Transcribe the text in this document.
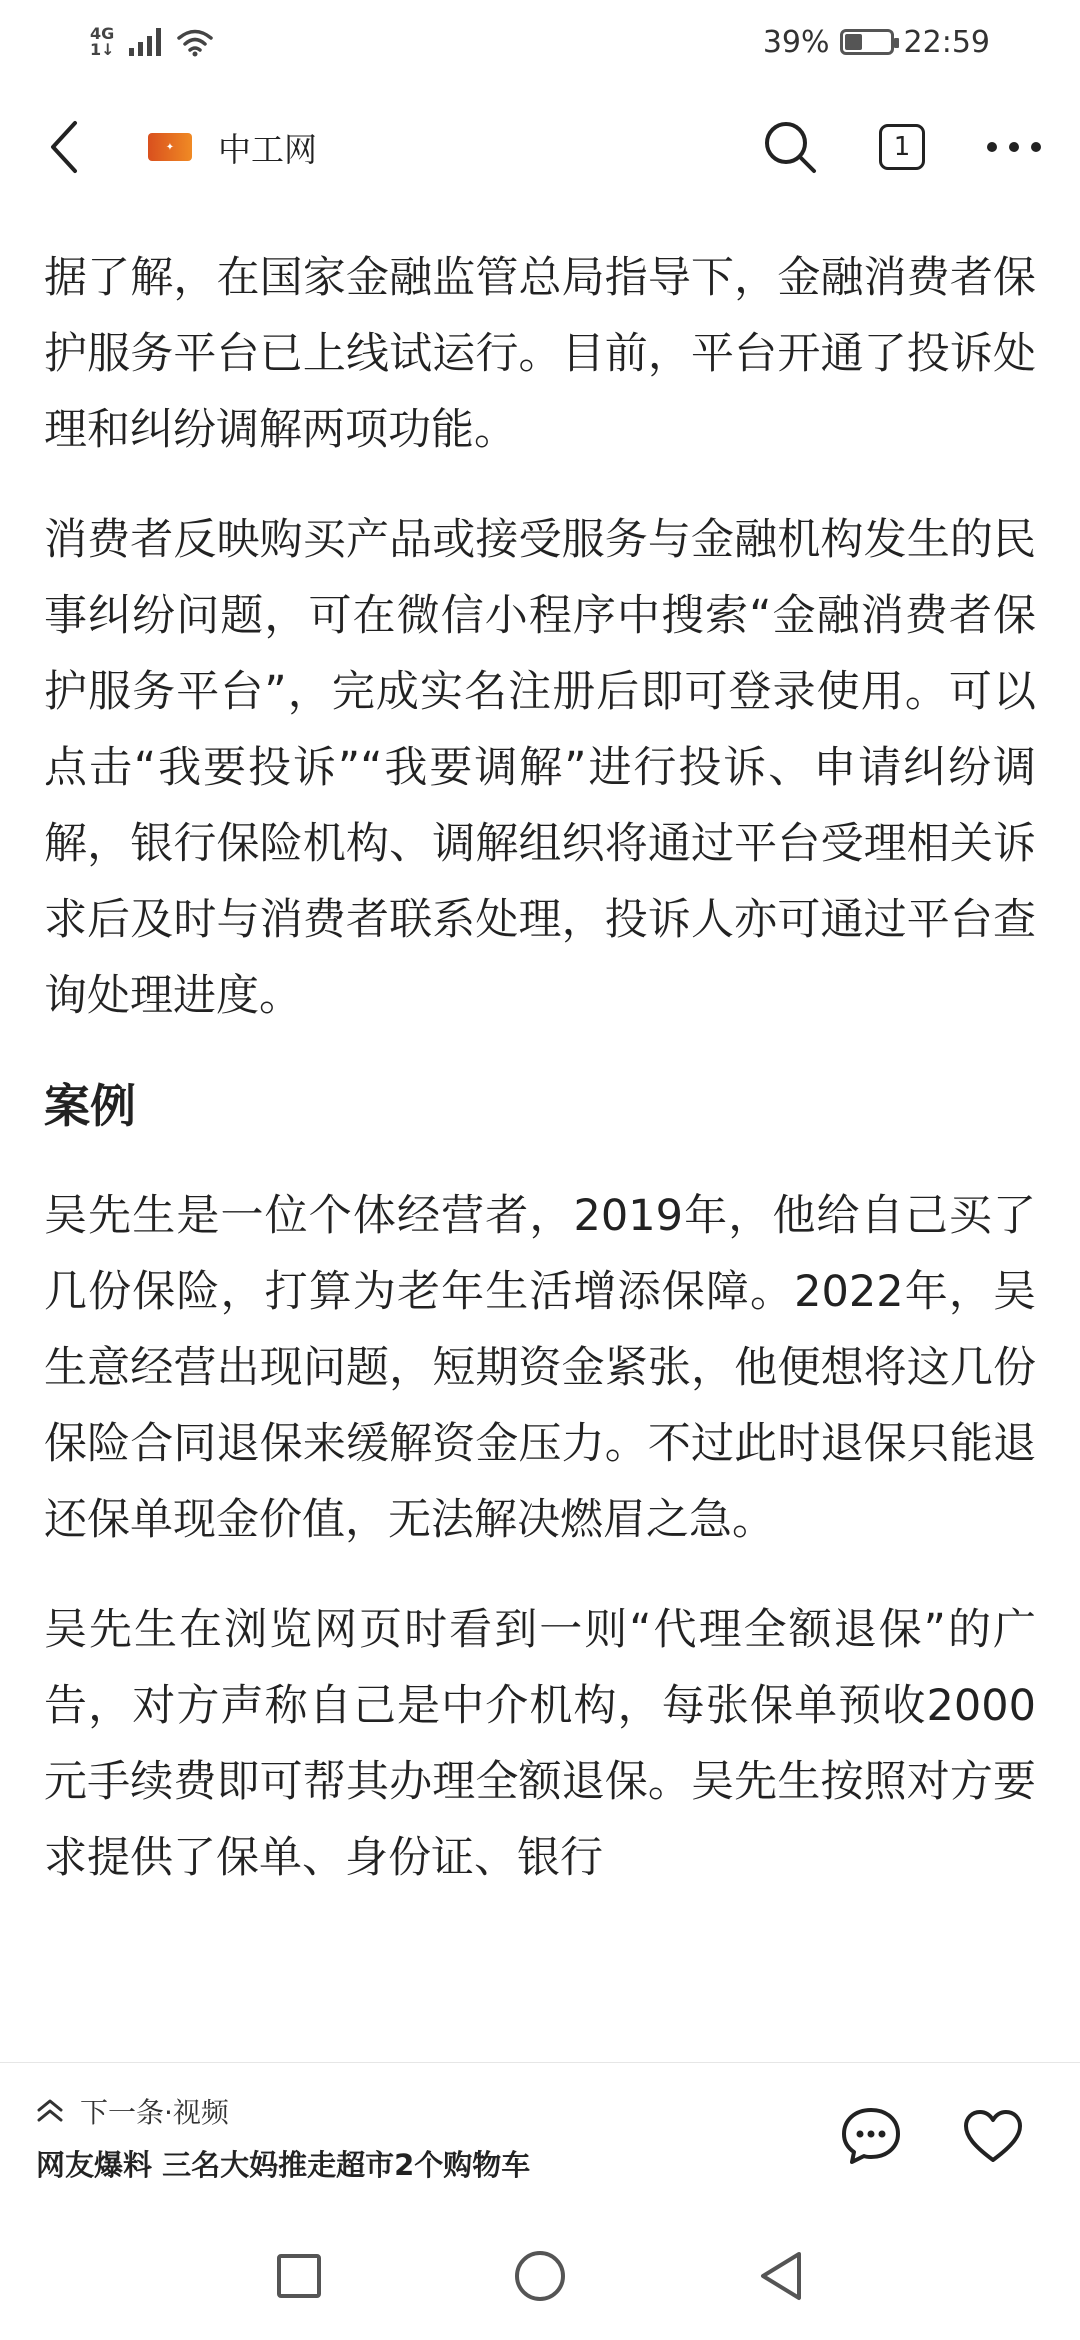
4G
1↓	39% 22:59
✦	中工网	1

据了解，在国家金融监管总局指导下，金融消费者保护服务平台已上线试运行。目前，平台开通了投诉处理和纠纷调解两项功能。

消费者反映购买产品或接受服务与金融机构发生的民事纠纷问题，可在微信小程序中搜索“金融消费者保护服务平台”，完成实名注册后即可登录使用。可以点击“我要投诉”“我要调解”进行投诉、申请纠纷调解，银行保险机构、调解组织将通过平台受理相关诉求后及时与消费者联系处理，投诉人亦可通过平台查询处理进度。

案例

吴先生是一位个体经营者，2019年，他给自己买了几份保险，打算为老年生活增添保障。2022年，吴生意经营出现问题，短期资金紧张，他便想将这几份保险合同退保来缓解资金压力。不过此时退保只能退还保单现金价值，无法解决燃眉之急。

吴先生在浏览网页时看到一则“代理全额退保”的广告，对方声称自己是中介机构，每张保单预收2000元手续费即可帮其办理全额退保。吴先生按照对方要求提供了保单、身份证、银行

下一条·视频
网友爆料 三名大妈推走超市2个购物车
